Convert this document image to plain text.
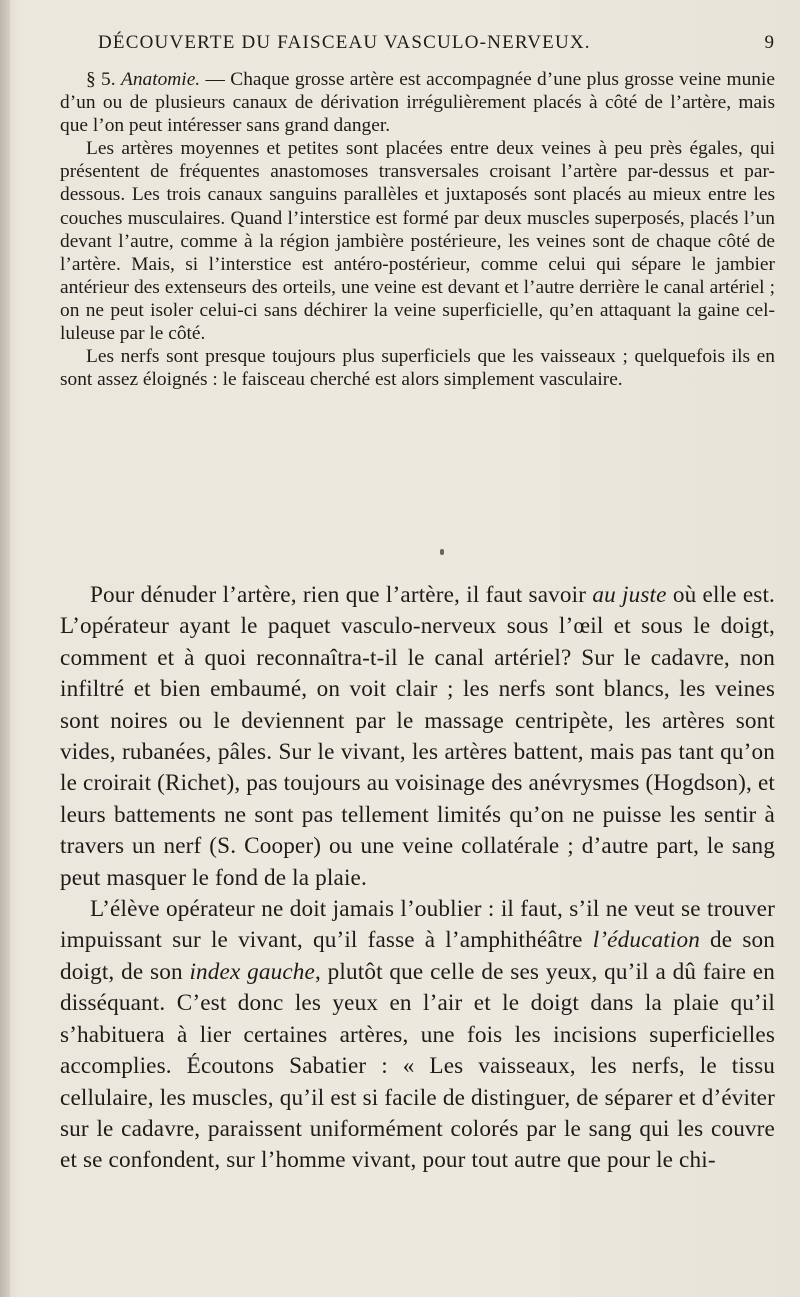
DÉCOUVERTE DU FAISCEAU VASCULO-NERVEUX.	9

§ 5. Anatomie. — Chaque grosse artère est accompagnée d’une plus grosse veine munie d’un ou de plusieurs canaux de dérivation irrégulièrement placés à côté de l’artère, mais que l’on peut intéresser sans grand danger.

Les artères moyennes et petites sont placées entre deux veines à peu près égales, qui présentent de fréquentes anastomoses transversales croisant l’artère par-dessus et par-dessous. Les trois canaux sanguins parallèles et juxtaposés sont placés au mieux entre les couches musculaires. Quand l’interstice est formé par deux muscles superposés, placés l’un devant l’autre, comme à la région jambière postérieure, les veines sont de chaque côté de l’artère. Mais, si l’interstice est antéro-postérieur, comme celui qui sépare le jambier antérieur des extenseurs des orteils, une veine est devant et l’autre derrière le canal artériel ; on ne peut isoler celui-ci sans déchirer la veine superficielle, qu’en attaquant la gaine celluleuse par le côté.

Les nerfs sont presque toujours plus superficiels que les vaisseaux ; quelquefois ils en sont assez éloignés : le faisceau cherché est alors simplement vasculaire.

Pour dénuder l’artère, rien que l’artère, il faut savoir au juste où elle est. L’opérateur ayant le paquet vasculo-nerveux sous l’œil et sous le doigt, comment et à quoi reconnaîtra-t-il le canal artériel? Sur le cadavre, non infiltré et bien embaumé, on voit clair ; les nerfs sont blancs, les veines sont noires ou le deviennent par le massage centripète, les artères sont vides, rubanées, pâles. Sur le vivant, les artères battent, mais pas tant qu’on le croirait (Richet), pas toujours au voisinage des anévrysmes (Hogdson), et leurs battements ne sont pas tellement limités qu’on ne puisse les sentir à travers un nerf (S. Cooper) ou une veine collatérale ; d’autre part, le sang peut masquer le fond de la plaie.

L’élève opérateur ne doit jamais l’oublier : il faut, s’il ne veut se trouver impuissant sur le vivant, qu’il fasse à l’amphithéâtre l’éducation de son doigt, de son index gauche, plutôt que celle de ses yeux, qu’il a dû faire en disséquant. C’est donc les yeux en l’air et le doigt dans la plaie qu’il s’habituera à lier certaines artères, une fois les incisions superficielles accomplies. Écoutons Sabatier : « Les vaisseaux, les nerfs, le tissu cellulaire, les muscles, qu’il est si facile de distinguer, de séparer et d’éviter sur le cadavre, paraissent uniformément colorés par le sang qui les couvre et se confondent, sur l’homme vivant, pour tout autre que pour le chi-
